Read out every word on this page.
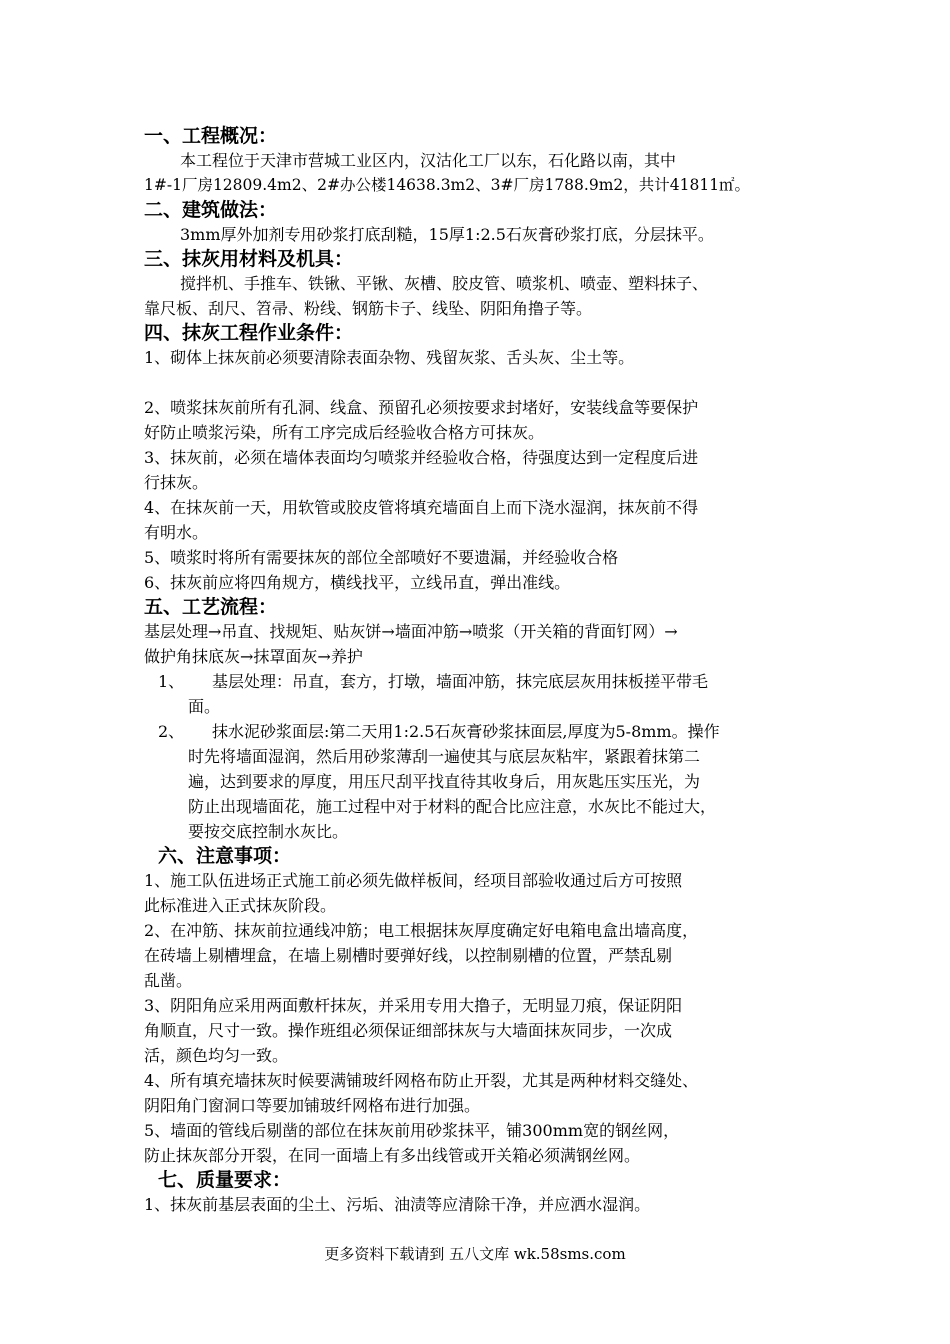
一、工程概况：

本工程位于天津市营城工业区内，汉沽化工厂以东，石化路以南，其中

1#-1厂房12809.4m2、2#办公楼14638.3m2、3#厂房1788.9m2，共计41811㎡。

二、建筑做法：

3mm厚外加剂专用砂浆打底刮糙，15厚1:2.5石灰膏砂浆打底，分层抹平。

三、抹灰用材料及机具：

搅拌机、手推车、铁锹、平锹、灰槽、胶皮管、喷浆机、喷壶、塑料抹子、

靠尺板、刮尺、笤帚、粉线、钢筋卡子、线坠、阴阳角撸子等。

四、抹灰工程作业条件：

1、砌体上抹灰前必须要清除表面杂物、残留灰浆、舌头灰、尘土等。

2、喷浆抹灰前所有孔洞、线盒、预留孔必须按要求封堵好，安装线盒等要保护

好防止喷浆污染，所有工序完成后经验收合格方可抹灰。

3、抹灰前，必须在墙体表面均匀喷浆并经验收合格，待强度达到一定程度后进

行抹灰。

4、在抹灰前一天，用软管或胶皮管将填充墙面自上而下浇水湿润，抹灰前不得

有明水。

5、喷浆时将所有需要抹灰的部位全部喷好不要遗漏，并经验收合格

6、抹灰前应将四角规方，横线找平，立线吊直，弹出准线。

五、工艺流程：

基层处理→吊直、找规矩、贴灰饼→墙面冲筋→喷浆（开关箱的背面钉网）→

做护角抹底灰→抹罩面灰→养护

1、	基层处理：吊直，套方，打墩，墙面冲筋，抹完底层灰用抹板搓平带毛
面。
2、	抹水泥砂浆面层:第二天用1:2.5石灰膏砂浆抹面层,厚度为5-8mm。操作
时先将墙面湿润，然后用砂浆薄刮一遍使其与底层灰粘牢，紧跟着抹第二
遍，达到要求的厚度，用压尺刮平找直待其收身后，用灰匙压实压光，为
防止出现墙面花，施工过程中对于材料的配合比应注意，水灰比不能过大，
要按交底控制水灰比。

六、注意事项：

1、施工队伍进场正式施工前必须先做样板间，经项目部验收通过后方可按照

此标准进入正式抹灰阶段。

2、在冲筋、抹灰前拉通线冲筋；电工根据抹灰厚度确定好电箱电盒出墙高度，

在砖墙上剔槽埋盒，在墙上剔槽时要弹好线，以控制剔槽的位置，严禁乱剔

乱凿。

3、阴阳角应采用两面敷杆抹灰，并采用专用大撸子，无明显刀痕，保证阴阳

角顺直，尺寸一致。操作班组必须保证细部抹灰与大墙面抹灰同步，一次成

活，颜色均匀一致。

4、所有填充墙抹灰时候要满铺玻纤网格布防止开裂，尤其是两种材料交缝处、

阴阳角门窗洞口等要加铺玻纤网格布进行加强。

5、墙面的管线后剔凿的部位在抹灰前用砂浆抹平，铺300mm宽的钢丝网，

防止抹灰部分开裂，在同一面墙上有多出线管或开关箱必须满钢丝网。

七、质量要求：

1、抹灰前基层表面的尘土、污垢、油渍等应清除干净，并应洒水湿润。

更多资料下载请到 五八文库 wk.58sms.com
